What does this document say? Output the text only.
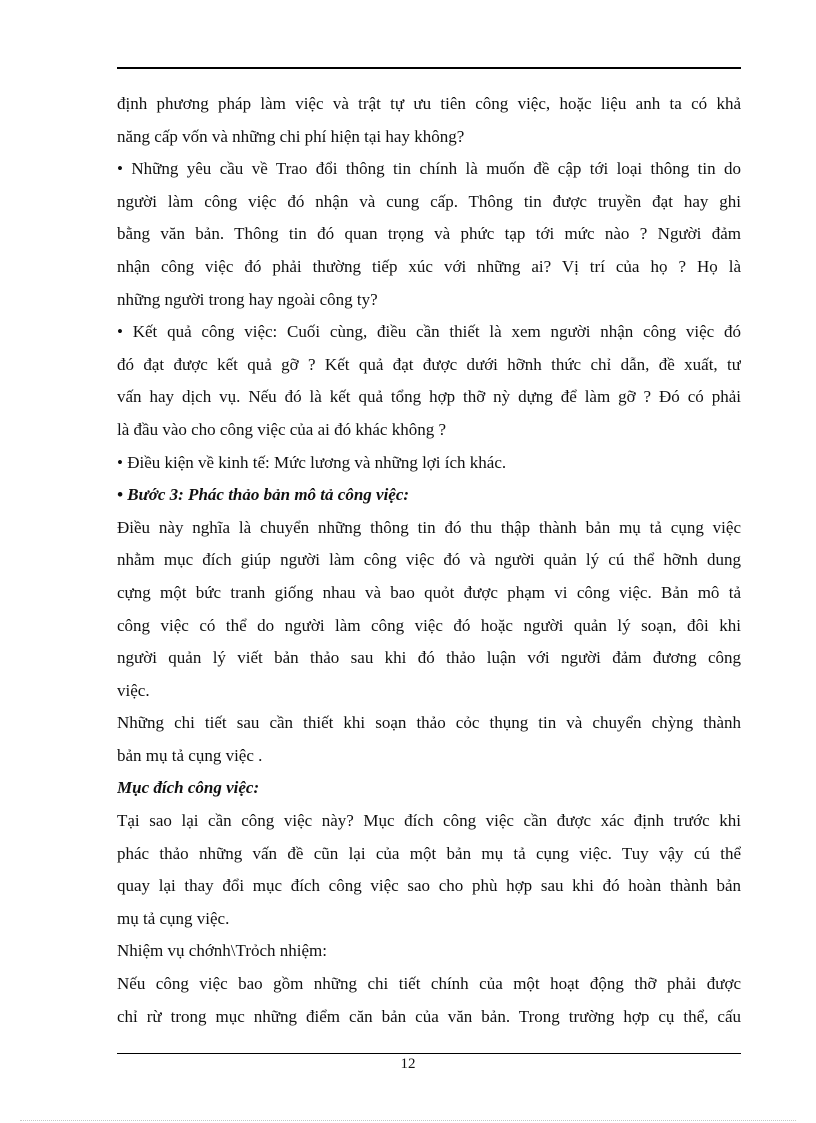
định phương pháp làm việc và trật tự ưu tiên công việc, hoặc liệu anh ta có khả
năng cấp vốn và những chi phí hiện tại hay không?
• Những yêu cầu về Trao đổi thông tin chính là muốn đề cập tới loại thông tin do
người làm công việc đó nhận và cung cấp. Thông tin được truyền đạt hay ghi
bằng văn bản. Thông tin đó quan trọng và phức tạp tới mức nào ? Người đảm
nhận công việc đó phải thường tiếp xúc với những ai? Vị trí của họ ? Họ là
những người trong hay ngoài công ty?
• Kết quả công việc: Cuối cùng, điều cần thiết là xem người nhận công việc đó
đó đạt được kết quả gỡ ? Kết quả đạt được dưới hỡnh thức chỉ dẫn, đề xuất, tư
vấn hay dịch vụ. Nếu đó là kết quả tổng hợp thỡ nỳ dựng để làm gỡ ? Đó có phải
là đầu vào cho công việc của ai đó khác không ?
• Điều kiện về kinh tế: Mức lương và những lợi ích khác.
• Bước 3: Phác thảo bản mô tả công việc:
Điều này nghĩa là chuyển những thông tin đó thu thập thành bản mụ tả cụng việc
nhằm mục đích giúp người làm công việc đó và người quản lý cú thể hỡnh dung
cựng một bức tranh giống nhau và bao quỏt được phạm vi công việc. Bản mô tả
công việc có thể do người làm công việc đó hoặc người quản lý soạn, đôi khi
người quản lý viết bản thảo sau khi đó thảo luận với người đảm đương công
việc.
Những chi tiết sau cần thiết khi soạn thảo cỏc thụng tin và chuyển chỳng thành
bản mụ tả cụng việc .
Mục đích công việc:
Tại sao lại cần công việc này? Mục đích công việc cần được xác định trước khi
phác thảo những vấn đề cũn lại của một bản mụ tả cụng việc. Tuy vậy cú thể
quay lại thay đổi mục đích công việc sao cho phù hợp sau khi đó hoàn thành bản
mụ tả cụng việc.
Nhiệm vụ chớnh\Trỏch nhiệm:
Nếu công việc bao gồm những chi tiết chính của một hoạt động thỡ phải được
chỉ rừ trong mục những điểm căn bản của văn bản. Trong trường hợp cụ thể, cấu
12
